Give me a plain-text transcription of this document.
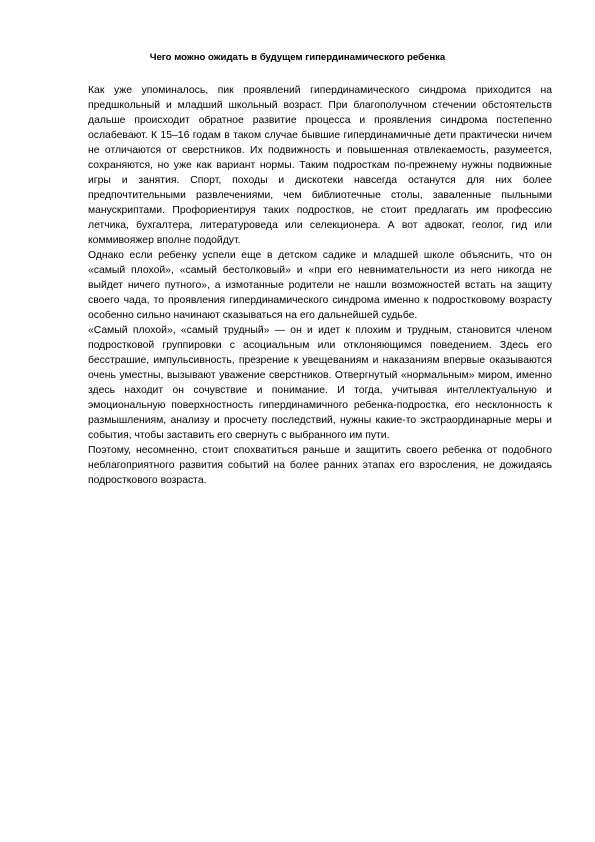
Чего можно ожидать в будущем гипердинамического ребенка

Как уже упоминалось, пик проявлений гипердинамического синдрома приходится на предшкольный и младший школьный возраст. При благополучном стечении обстоятельств дальше происходит обратное развитие процесса и проявления синдрома постепенно ослабевают. К 15–16 годам в таком случае бывшие гипердинамичные дети практически ничем не отличаются от сверстников. Их подвижность и повышенная отвлекаемость, разумеется, сохраняются, но уже как вариант нормы. Таким подросткам по-прежнему нужны подвижные игры и занятия. Спорт, походы и дискотеки навсегда останутся для них более предпочтительными развлечениями, чем библиотечные столы, заваленные пыльными манускриптами. Профориентируя таких подростков, не стоит предлагать им профессию летчика, бухгалтера, литературоведа или селекционера. А вот адвокат, геолог, гид или коммивояжер вполне подойдут.

Однако если ребенку успели еще в детском садике и младшей школе объяснить, что он «самый плохой», «самый бестолковый» и «при его невнимательности из него никогда не выйдет ничего путного», а измотанные родители не нашли возможностей встать на защиту своего чада, то проявления гипердинамического синдрома именно к подростковому возрасту особенно сильно начинают сказываться на его дальнейшей судьбе.

«Самый плохой», «самый трудный» — он и идет к плохим и трудным, становится членом подростковой группировки с асоциальным или отклоняющимся поведением. Здесь его бесстрашие, импульсивность, презрение к увещеваниям и наказаниям впервые оказываются очень уместны, вызывают уважение сверстников. Отвергнутый «нормальным» миром, именно здесь находит он сочувствие и понимание. И тогда, учитывая интеллектуальную и эмоциональную поверхностность гипердинамичного ребенка-подростка, его несклонность к размышлениям, анализу и просчету последствий, нужны какие-то экстраординарные меры и события, чтобы заставить его свернуть с выбранного им пути.

Поэтому, несомненно, стоит спохватиться раньше и защитить своего ребенка от подобного неблагоприятного развития событий на более ранних этапах его взросления, не дожидаясь подросткового возраста.
